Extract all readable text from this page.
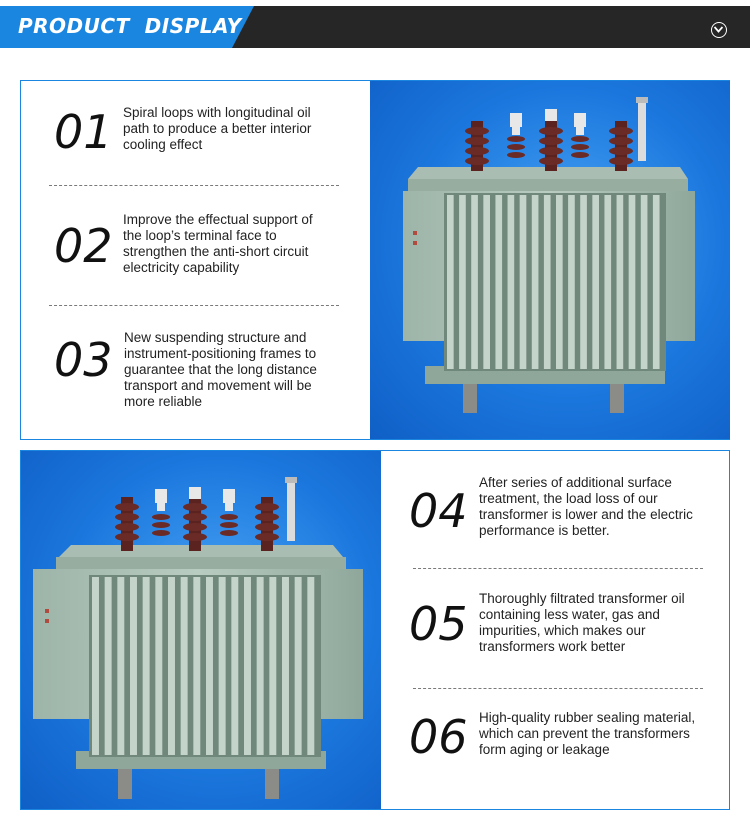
PRODUCT  DISPLAY
01 Spiral loops with longitudinal oil path to produce a better interior cooling effect
02 Improve the effectual support of the loop’s terminal face to strengthen the anti-short circuit electricity capability
03 New suspending structure and instrument-positioning frames to guarantee that the long distance transport and movement will be more reliable
04
After series of additional surface treatment, the load loss of our transformer is lower and the electric performance is better.
05 Thoroughly filtrated transformer oil containing less water, gas and impurities, which makes our transformers work better
06 High-quality rubber sealing material, which can prevent the transformers form aging or leakage
